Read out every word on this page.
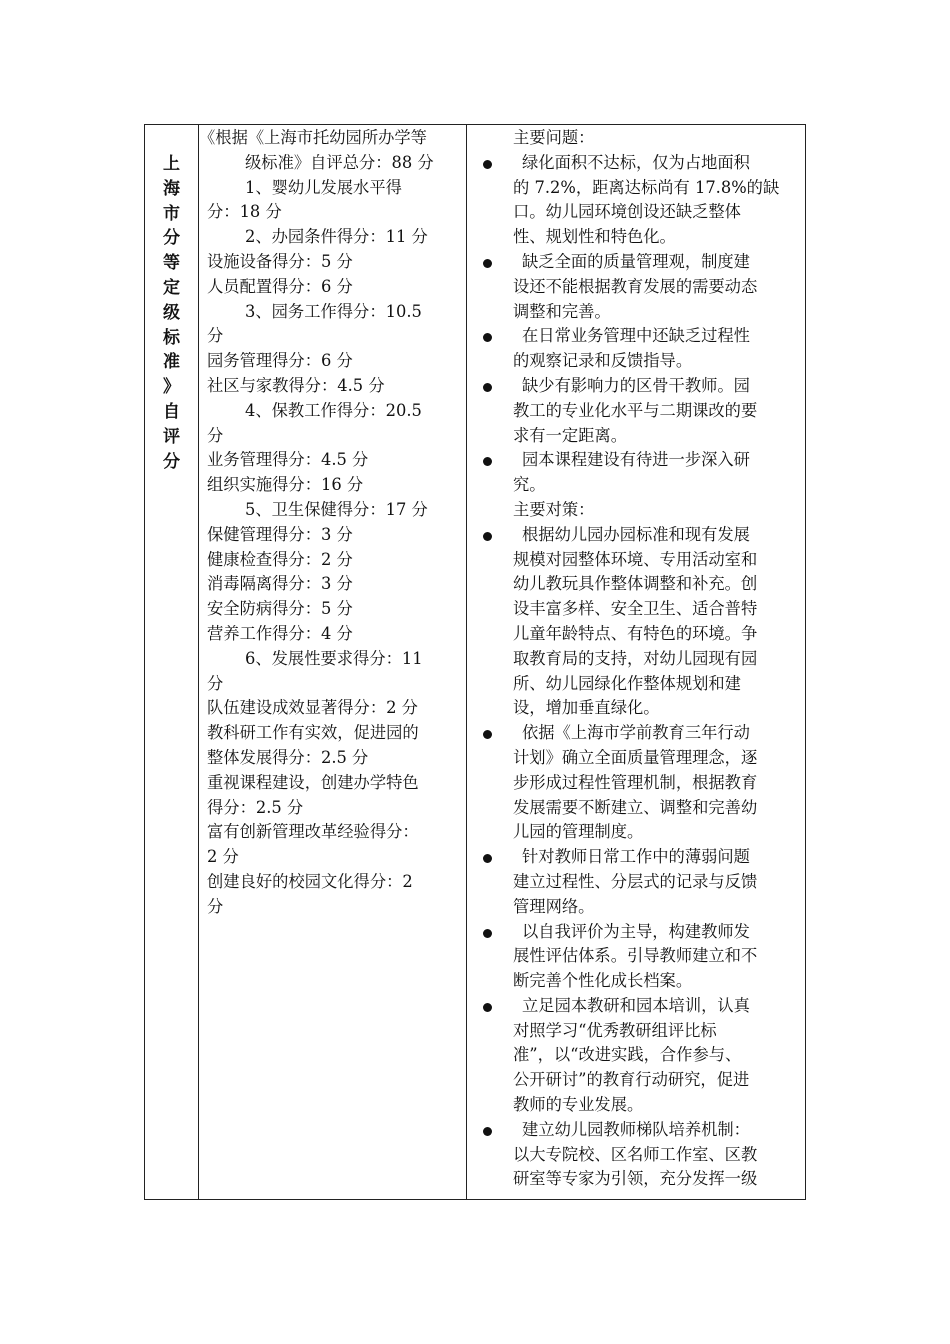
上
海
市
分
等
定
级
标
准
》
自
评
分
《根据《上海市托幼园所办学等
级标准》自评总分：88 分
1、婴幼儿发展水平得
分：18 分
2、办园条件得分：11 分
设施设备得分：5 分
人员配置得分：6 分
3、园务工作得分：10.5
分
园务管理得分：6 分
社区与家教得分：4.5 分
4、保教工作得分：20.5
分
业务管理得分：4.5 分
组织实施得分：16 分
5、卫生保健得分：17 分
保健管理得分：3 分
健康检查得分：2 分
消毒隔离得分：3 分
安全防病得分：5 分
营养工作得分：4 分
6、发展性要求得分：11
分
队伍建设成效显著得分：2 分
教科研工作有实效，促进园的
整体发展得分：2.5 分
重视课程建设，创建办学特色
得分：2.5 分
富有创新管理改革经验得分：
2 分
创建良好的校园文化得分：2
分
主要问题：
绿化面积不达标，仅为占地面积
的 7.2%，距离达标尚有 17.8%的缺
口。幼儿园环境创设还缺乏整体
性、规划性和特色化。
缺乏全面的质量管理观，制度建
设还不能根据教育发展的需要动态
调整和完善。
在日常业务管理中还缺乏过程性
的观察记录和反馈指导。
缺少有影响力的区骨干教师。园
教工的专业化水平与二期课改的要
求有一定距离。
园本课程建设有待进一步深入研
究。
主要对策：
根据幼儿园办园标准和现有发展
规模对园整体环境、专用活动室和
幼儿教玩具作整体调整和补充。创
设丰富多样、安全卫生、适合普特
儿童年龄特点、有特色的环境。争
取教育局的支持，对幼儿园现有园
所、幼儿园绿化作整体规划和建
设，增加垂直绿化。
依据《上海市学前教育三年行动
计划》确立全面质量管理理念，逐
步形成过程性管理机制，根据教育
发展需要不断建立、调整和完善幼
儿园的管理制度。
针对教师日常工作中的薄弱问题
建立过程性、分层式的记录与反馈
管理网络。
以自我评价为主导，构建教师发
展性评估体系。引导教师建立和不
断完善个性化成长档案。
立足园本教研和园本培训，认真
对照学习“优秀教研组评比标
准”，以“改进实践，合作参与、
公开研讨”的教育行动研究，促进
教师的专业发展。
建立幼儿园教师梯队培养机制：
以大专院校、区名师工作室、区教
研室等专家为引领，充分发挥一级
